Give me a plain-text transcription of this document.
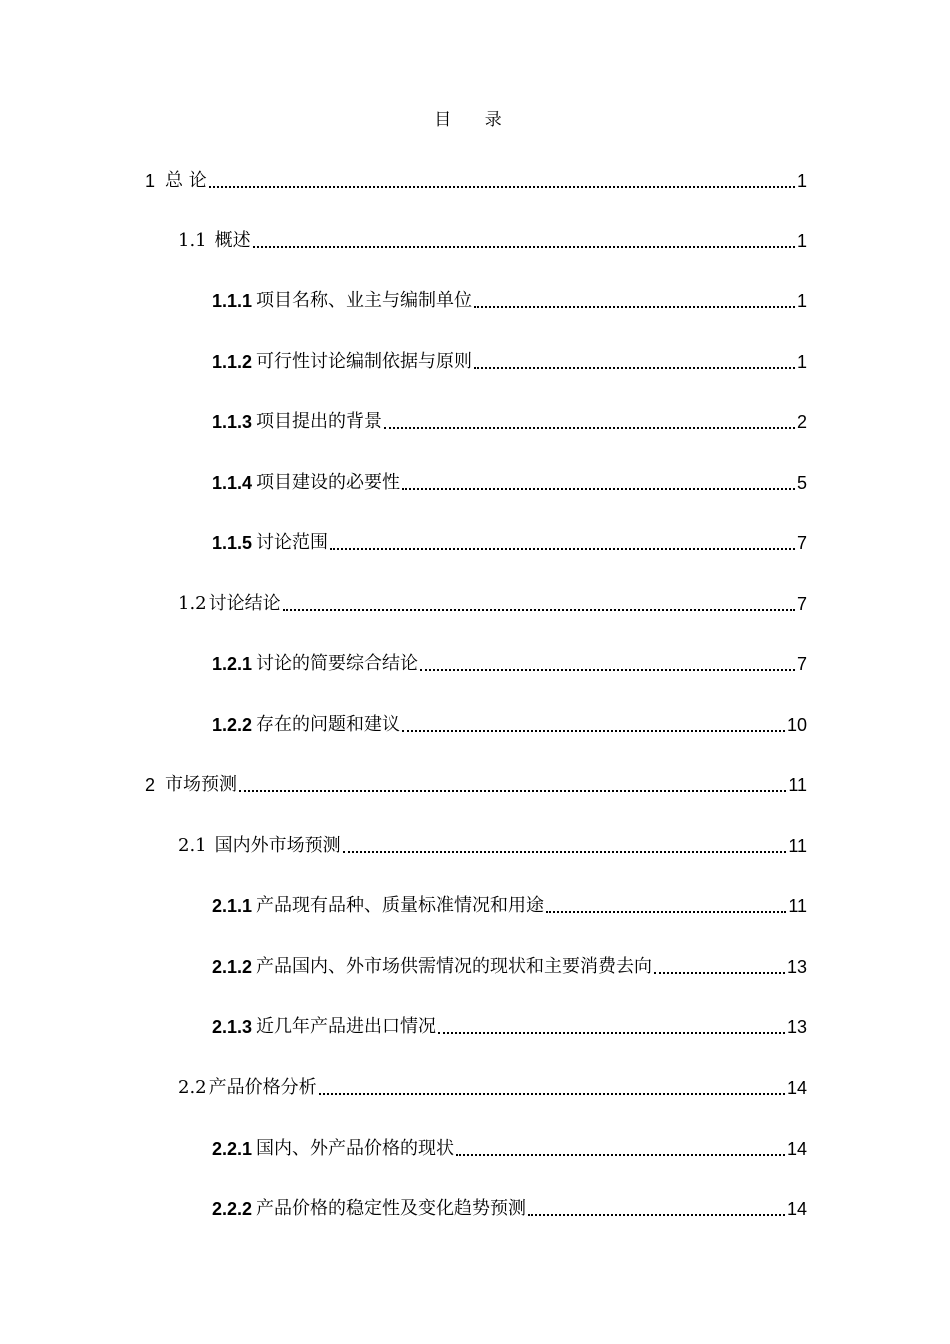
目 录
1 总 论	1
1.1 概述	1
1.1.1 项目名称、业主与编制单位	1
1.1.2 可行性讨论编制依据与原则	1
1.1.3 项目提出的背景	2
1.1.4 项目建设的必要性	5
1.1.5 讨论范围	7
1.2 讨论结论	7
1.2.1 讨论的简要综合结论	7
1.2.2 存在的问题和建议	10
2 市场预测	11
2.1 国内外市场预测	11
2.1.1 产品现有品种、质量标准情况和用途	11
2.1.2 产品国内、外市场供需情况的现状和主要消费去向	13
2.1.3 近几年产品进出口情况	13
2.2 产品价格分析	14
2.2.1 国内、外产品价格的现状	14
2.2.2 产品价格的稳定性及变化趋势预测	14
